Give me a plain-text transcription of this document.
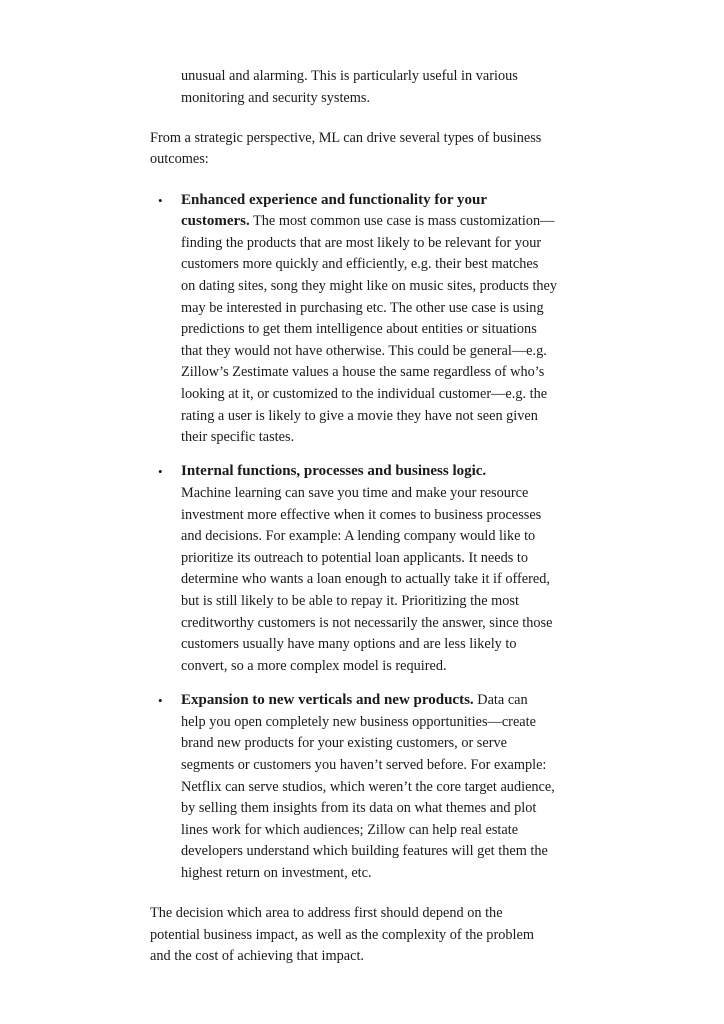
unusual and alarming. This is particularly useful in various
monitoring and security systems.
From a strategic perspective, ML can drive several types of business
outcomes:
• Enhanced experience and functionality for your
customers. The most common use case is mass customization—
finding the products that are most likely to be relevant for your
customers more quickly and efficiently, e.g. their best matches
on dating sites, song they might like on music sites, products they
may be interested in purchasing etc. The other use case is using
predictions to get them intelligence about entities or situations
that they would not have otherwise. This could be general—e.g.
Zillow’s Zestimate values a house the same regardless of who’s
looking at it, or customized to the individual customer—e.g. the
rating a user is likely to give a movie they have not seen given
their specific tastes.
• Internal functions, processes and business logic.
Machine learning can save you time and make your resource
investment more effective when it comes to business processes
and decisions. For example: A lending company would like to
prioritize its outreach to potential loan applicants. It needs to
determine who wants a loan enough to actually take it if offered,
but is still likely to be able to repay it. Prioritizing the most
creditworthy customers is not necessarily the answer, since those
customers usually have many options and are less likely to
convert, so a more complex model is required.
• Expansion to new verticals and new products. Data can
help you open completely new business opportunities—create
brand new products for your existing customers, or serve
segments or customers you haven’t served before. For example:
Netflix can serve studios, which weren’t the core target audience,
by selling them insights from its data on what themes and plot
lines work for which audiences; Zillow can help real estate
developers understand which building features will get them the
highest return on investment, etc.
The decision which area to address first should depend on the
potential business impact, as well as the complexity of the problem
and the cost of achieving that impact.
